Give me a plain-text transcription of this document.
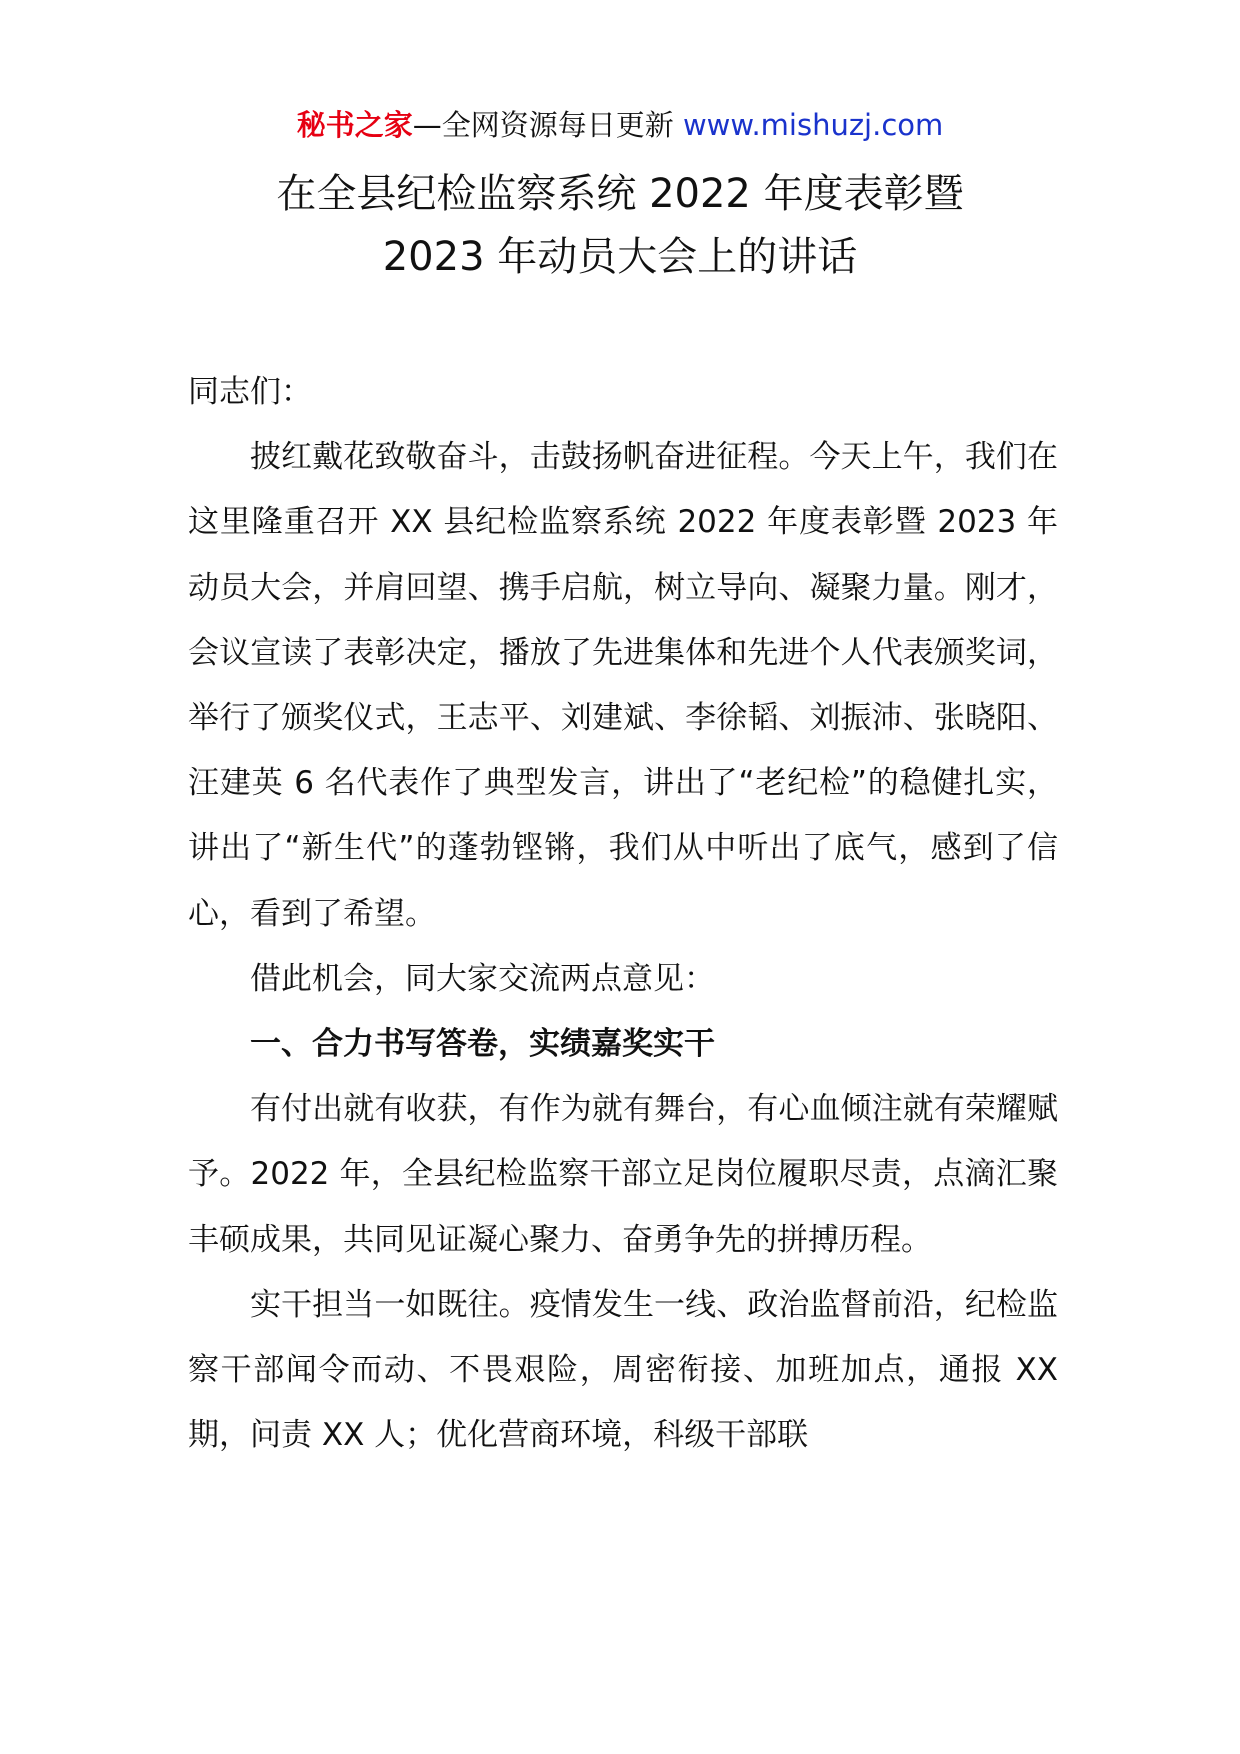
秘书之家—全网资源每日更新 www.mishuzj.com
在全县纪检监察系统 2022 年度表彰暨
2023 年动员大会上的讲话

同志们：

披红戴花致敬奋斗，击鼓扬帆奋进征程。今天上午，我们在这里隆重召开 XX 县纪检监察系统 2022 年度表彰暨 2023 年动员大会，并肩回望、携手启航，树立导向、凝聚力量。刚才，会议宣读了表彰决定，播放了先进集体和先进个人代表颁奖词，举行了颁奖仪式，王志平、刘建斌、李徐韬、刘振沛、张晓阳、汪建英 6 名代表作了典型发言，讲出了“老纪检”的稳健扎实，讲出了“新生代”的蓬勃铿锵，我们从中听出了底气，感到了信心，看到了希望。

借此机会，同大家交流两点意见：

一、合力书写答卷，实绩嘉奖实干

有付出就有收获，有作为就有舞台，有心血倾注就有荣耀赋予。2022 年，全县纪检监察干部立足岗位履职尽责，点滴汇聚丰硕成果，共同见证凝心聚力、奋勇争先的拼搏历程。

实干担当一如既往。疫情发生一线、政治监督前沿，纪检监察干部闻令而动、不畏艰险，周密衔接、加班加点，通报 XX 期，问责 XX 人；优化营商环境，科级干部联
